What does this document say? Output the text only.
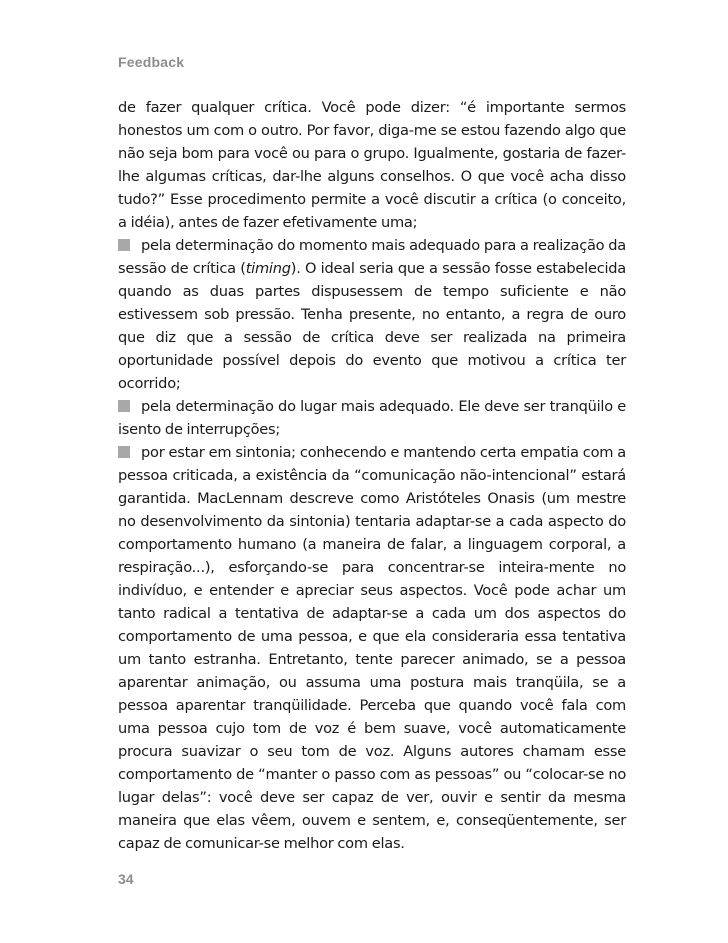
Feedback

de fazer qualquer crítica. Você pode dizer: “é importante sermos honestos um com o outro. Por favor, diga-me se estou fazendo algo que não seja bom para você ou para o grupo. Igualmente, gostaria de fazer-lhe algumas críticas, dar-lhe alguns conselhos. O que você acha disso tudo?” Esse procedimento permite a você discutir a crítica (o conceito, a idéia), antes de fazer efetivamente uma;

pela determinação do momento mais adequado para a realização da sessão de crítica (timing). O ideal seria que a sessão fosse estabelecida quando as duas partes dispusessem de tempo suficiente e não estivessem sob pressão. Tenha presente, no entanto, a regra de ouro que diz que a sessão de crítica deve ser realizada na primeira oportunidade possível depois do evento que motivou a crítica ter ocorrido;

pela determinação do lugar mais adequado. Ele deve ser tranqüilo e isento de interrupções;

por estar em sintonia; conhecendo e mantendo certa empatia com a pessoa criticada, a existência da “comunicação não-intencional” estará garantida. MacLennam descreve como Aristóteles Onasis (um mestre no desenvolvimento da sintonia) tentaria adaptar-se a cada aspecto do comportamento humano (a maneira de falar, a linguagem corporal, a respiração...), esforçando-se para concentrar-se inteira-mente no indivíduo, e entender e apreciar seus aspectos. Você pode achar um tanto radical a tentativa de adaptar-se a cada um dos aspectos do comportamento de uma pessoa, e que ela consideraria essa tentativa um tanto estranha. Entretanto, tente parecer animado, se a pessoa aparentar animação, ou assuma uma postura mais tranqüila, se a pessoa aparentar tranqüilidade. Perceba que quando você fala com uma pessoa cujo tom de voz é bem suave, você automaticamente procura suavizar o seu tom de voz. Alguns autores chamam esse comportamento de “manter o passo com as pessoas” ou “colocar-se no lugar delas”: você deve ser capaz de ver, ouvir e sentir da mesma maneira que elas vêem, ouvem e sentem, e, conseqüentemente, ser capaz de comunicar-se melhor com elas.

34
